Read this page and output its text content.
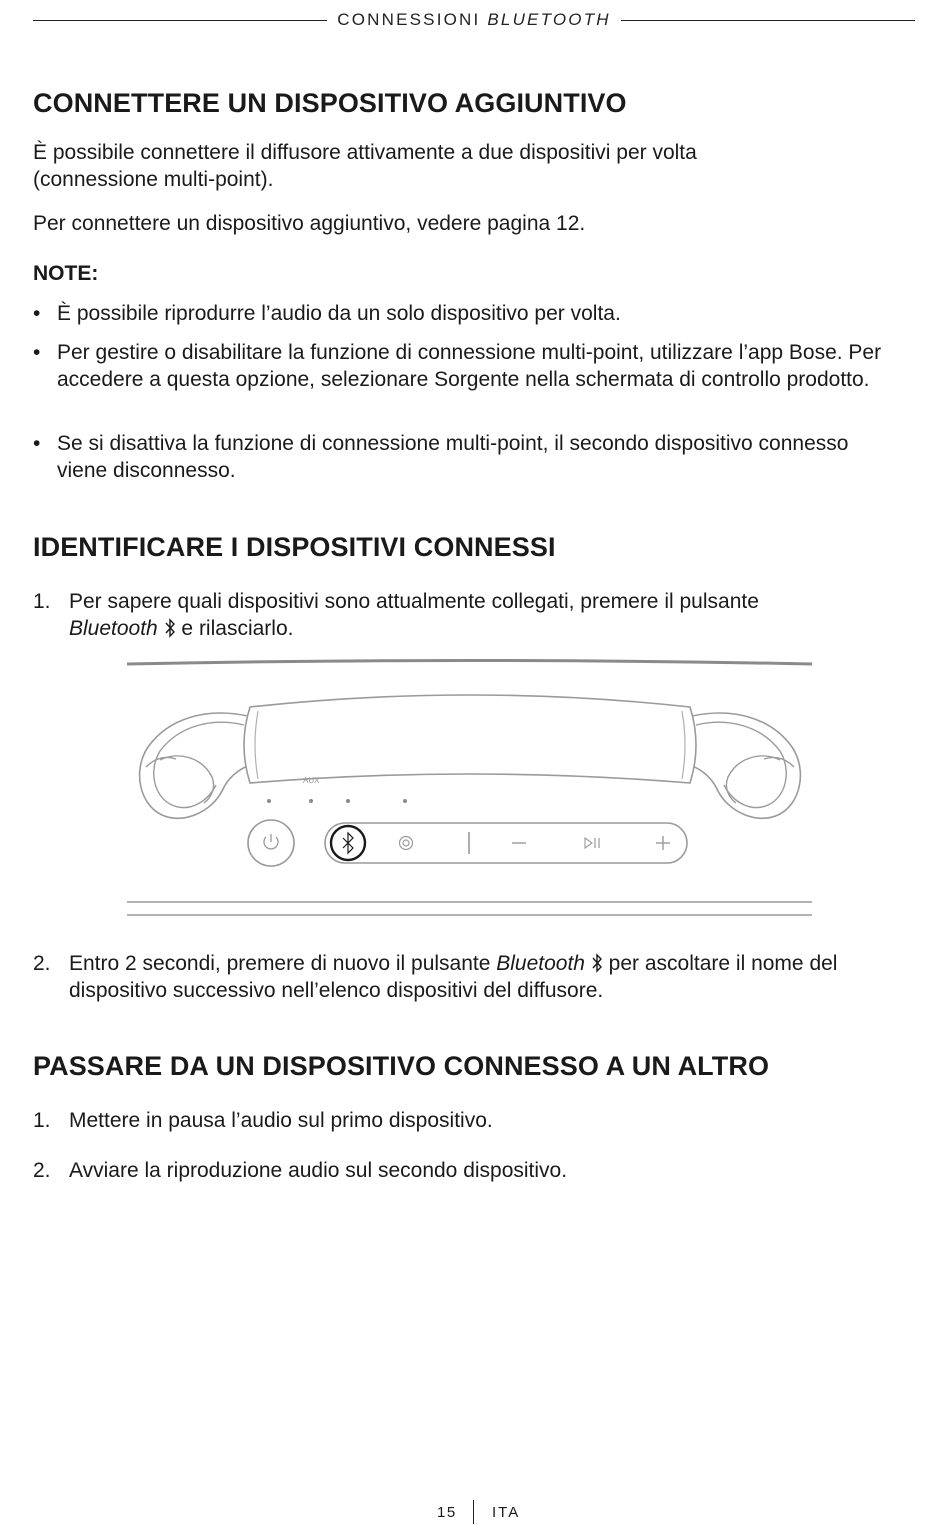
CONNESSIONI BLUETOOTH
CONNETTERE UN DISPOSITIVO AGGIUNTIVO
È possibile connettere il diffusore attivamente a due dispositivi per volta (connessione multi-point).
Per connettere un dispositivo aggiuntivo, vedere pagina 12.
NOTE:
• È possibile riprodurre l’audio da un solo dispositivo per volta.
• Per gestire o disabilitare la funzione di connessione multi-point, utilizzare l’app Bose. Per accedere a questa opzione, selezionare Sorgente nella schermata di controllo prodotto.
• Se si disattiva la funzione di connessione multi-point, il secondo dispositivo connesso viene disconnesso.
IDENTIFICARE I DISPOSITIVI CONNESSI
1. Per sapere quali dispositivi sono attualmente collegati, premere il pulsante
Bluetooth  e rilasciarlo.
AUX
2. Entro 2 secondi, premere di nuovo il pulsante Bluetooth  per ascoltare il nome del dispositivo successivo nell’elenco dispositivi del diffusore.
PASSARE DA UN DISPOSITIVO CONNESSO A UN ALTRO
1. Mettere in pausa l’audio sul primo dispositivo.
2. Avviare la riproduzione audio sul secondo dispositivo.
15 ITA
